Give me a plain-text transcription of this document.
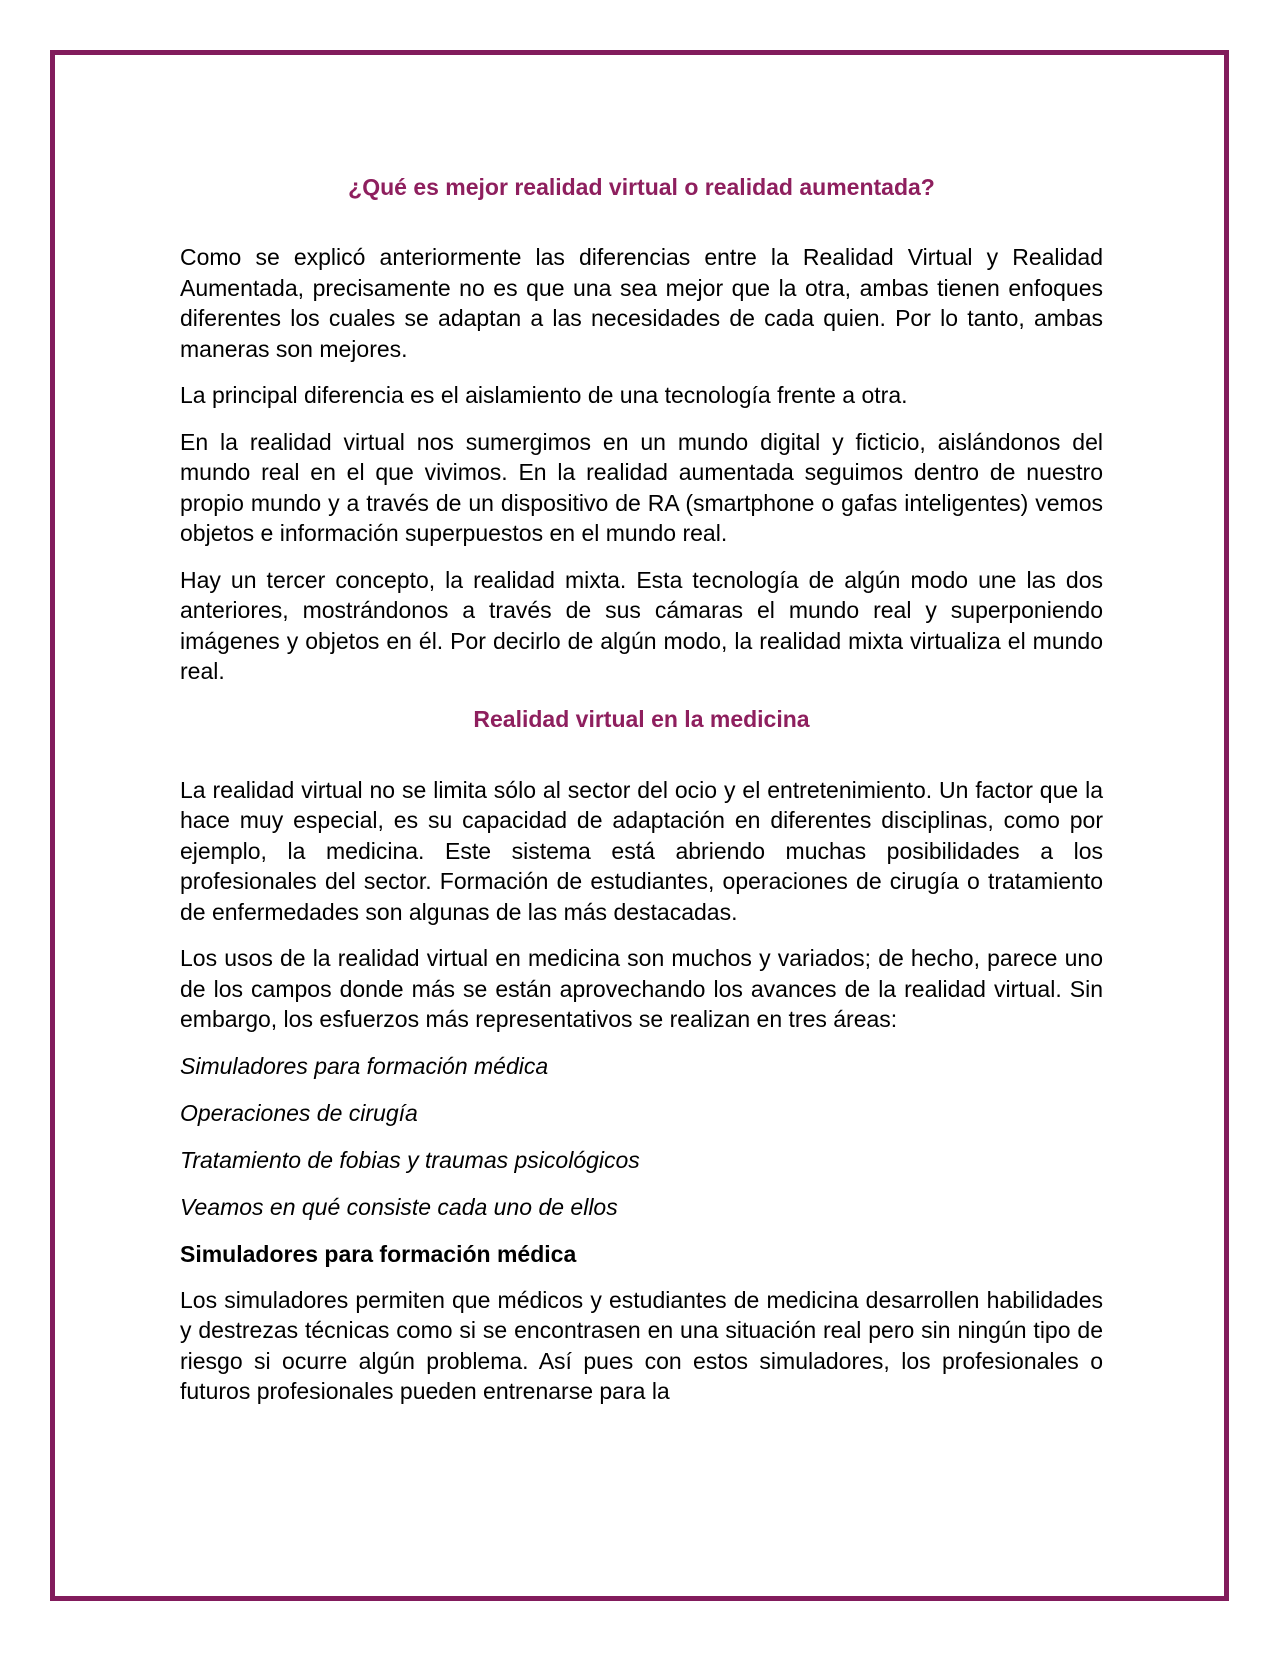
¿Qué es mejor realidad virtual o realidad aumentada?

Como se explicó anteriormente las diferencias entre la Realidad Virtual y Realidad Aumentada, precisamente no es que una sea mejor que la otra, ambas tienen enfoques diferentes los cuales se adaptan a las necesidades de cada quien. Por lo tanto, ambas maneras son mejores.

La principal diferencia es el aislamiento de una tecnología frente a otra.

En la realidad virtual nos sumergimos en un mundo digital y ficticio, aislándonos del mundo real en el que vivimos. En la realidad aumentada seguimos dentro de nuestro propio mundo y a través de un dispositivo de RA (smartphone o gafas inteligentes) vemos objetos e información superpuestos en el mundo real.

Hay un tercer concepto, la realidad mixta. Esta tecnología de algún modo une las dos anteriores, mostrándonos a través de sus cámaras el mundo real y superponiendo imágenes y objetos en él. Por decirlo de algún modo, la realidad mixta virtualiza el mundo real.

Realidad virtual en la medicina

La realidad virtual no se limita sólo al sector del ocio y el entretenimiento. Un factor que la hace muy especial, es su capacidad de adaptación en diferentes disciplinas, como por ejemplo, la medicina. Este sistema está abriendo muchas posibilidades a los profesionales del sector. Formación de estudiantes, operaciones de cirugía o tratamiento de enfermedades son algunas de las más destacadas.

Los usos de la realidad virtual en medicina son muchos y variados; de hecho, parece uno de los campos donde más se están aprovechando los avances de la realidad virtual. Sin embargo, los esfuerzos más representativos se realizan en tres áreas:

Simuladores para formación médica

Operaciones de cirugía

Tratamiento de fobias y traumas psicológicos

Veamos en qué consiste cada uno de ellos

Simuladores para formación médica

Los simuladores permiten que médicos y estudiantes de medicina desarrollen habilidades y destrezas técnicas como si se encontrasen en una situación real pero sin ningún tipo de riesgo si ocurre algún problema. Así pues con estos simuladores, los profesionales o futuros profesionales pueden entrenarse para la
